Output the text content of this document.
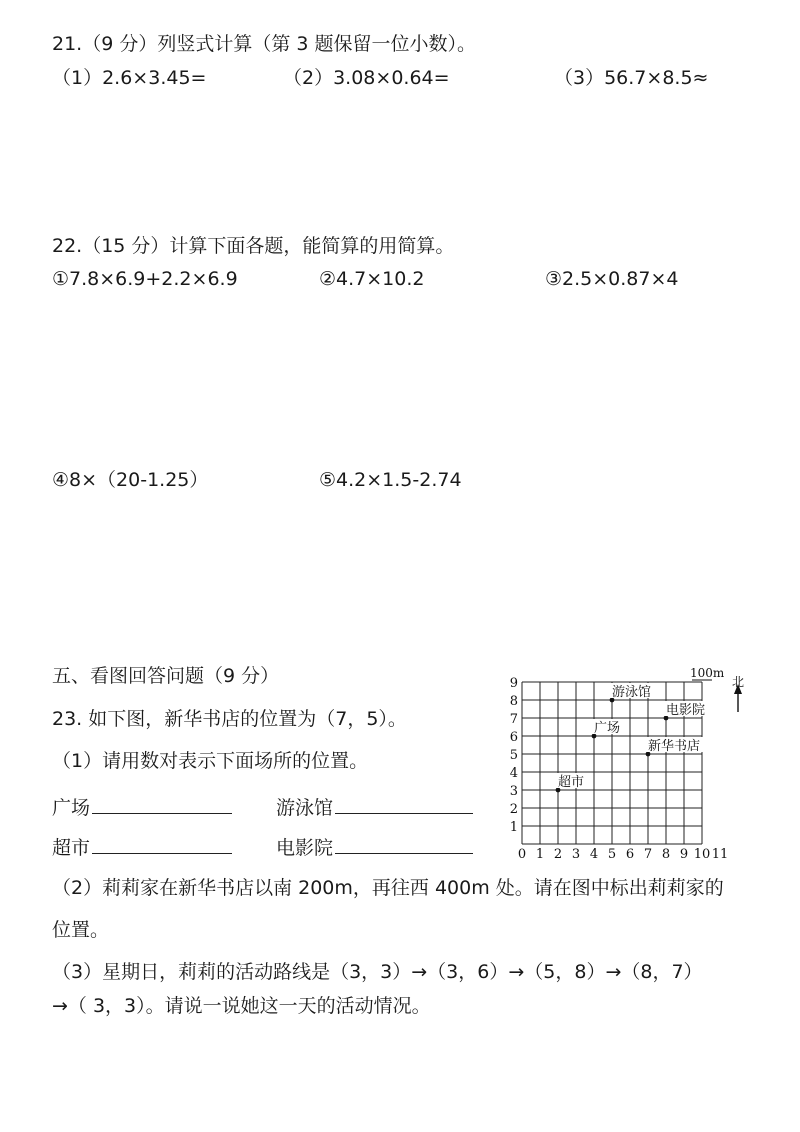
21.（9 分）列竖式计算（第 3 题保留一位小数）。
（1）2.6×3.45=	（2）3.08×0.64=	（3）56.7×8.5≈
22.（15 分）计算下面各题，能简算的用简算。
①7.8×6.9+2.2×6.9	②4.7×10.2	③2.5×0.87×4
④8×（20-1.25）	⑤4.2×1.5-2.74
五、看图回答问题（9 分）
23. 如下图，新华书店的位置为（7，5）。
（1）请用数对表示下面场所的位置。
广场	游泳馆
超市	电影院
（2）莉莉家在新华书店以南 200m，再往西 400m 处。请在图中标出莉莉家的
位置。
（3）星期日，莉莉的活动路线是（3，3）→（3，6）→（5，8）→（8，7）
→（ 3，3）。请说一说她这一天的活动情况。
0 1 2 3 4 5 6 7 8 9 10 11
1
2
3
4
5
6
7
8
9
游泳馆
电影院
广场
新华书店
超市
100m
北
